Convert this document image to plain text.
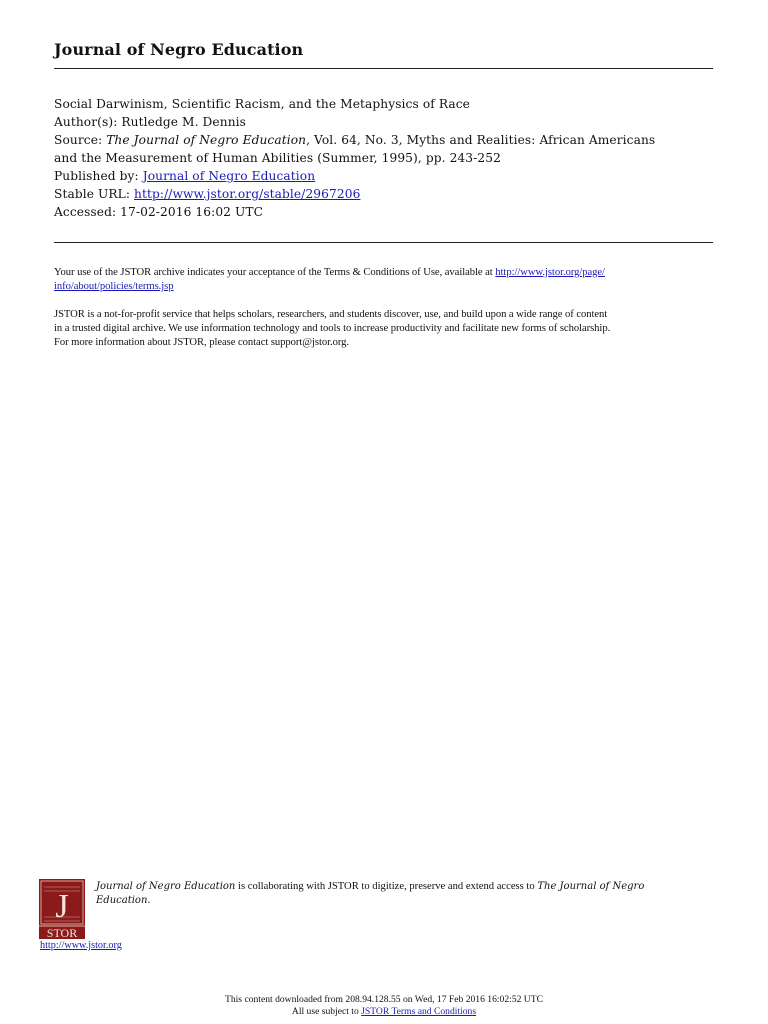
Journal of Negro Education
Social Darwinism, Scientific Racism, and the Metaphysics of Race
Author(s): Rutledge M. Dennis
Source: The Journal of Negro Education, Vol. 64, No. 3, Myths and Realities: African Americans
and the Measurement of Human Abilities (Summer, 1995), pp. 243-252
Published by: Journal of Negro Education
Stable URL: http://www.jstor.org/stable/2967206
Accessed: 17-02-2016 16:02 UTC
Your use of the JSTOR archive indicates your acceptance of the Terms & Conditions of Use, available at http://www.jstor.org/page/
info/about/policies/terms.jsp
JSTOR is a not-for-profit service that helps scholars, researchers, and students discover, use, and build upon a wide range of content
in a trusted digital archive. We use information technology and tools to increase productivity and facilitate new forms of scholarship.
For more information about JSTOR, please contact support@jstor.org.
J
STOR
http://www.jstor.org
Journal of Negro Education is collaborating with JSTOR to digitize, preserve and extend access to The Journal of Negro
Education.
This content downloaded from 208.94.128.55 on Wed, 17 Feb 2016 16:02:52 UTC
All use subject to JSTOR Terms and Conditions
